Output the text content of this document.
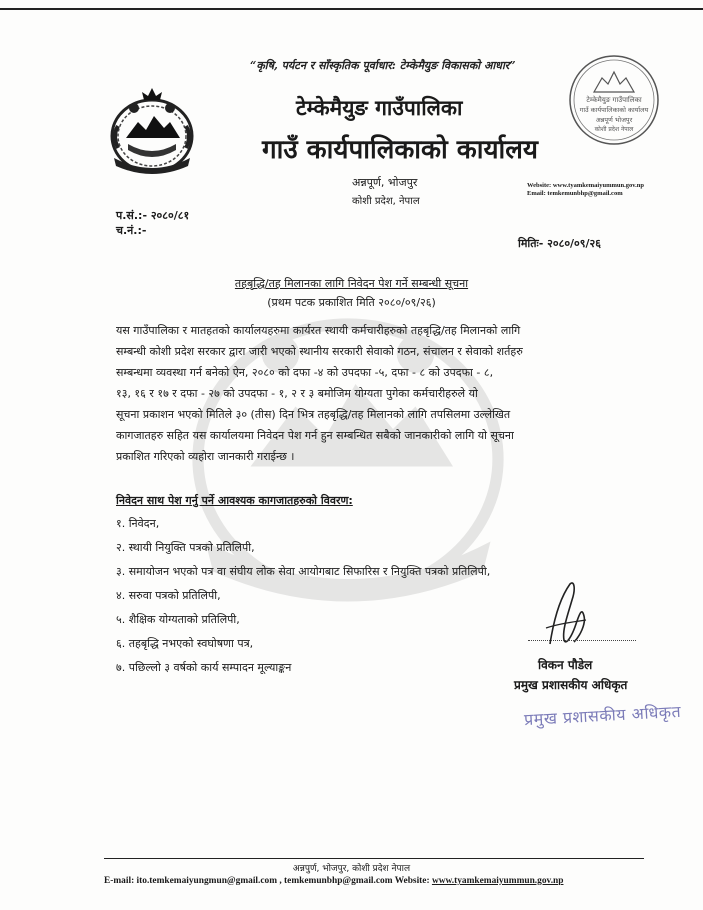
“कृषि, पर्यटन र साँस्कृतिक पूर्वाधार: टेम्केमैयुङ विकासको आधार”
टेम्केमैयुङ गाउँपालिका
गाउँ कार्यपालिकाको कार्यालय
अन्नपूर्ण, भोजपुर
कोशी प्रदेश, नेपाल
Website: www.tyamkemaiyummun.gov.np
Email: temkemunbhp@gmail.com
टेम्केमैयुङ गाउँपालिका
गाउँ कार्यपालिकाको कार्यालय
अन्नपूर्ण भोजपुर
कोशी प्रदेश नेपाल
प.सं.:- २०८०/८१
च.नं.:-
मितिः- २०८०/०९/२६
तहबृद्धि/तह मिलानका लागि निवेदन पेश गर्ने सम्बन्धी सूचना
(प्रथम पटक प्रकाशित मिति २०८०/०९/२६)
यस गाउँपालिका र मातहतको कार्यालयहरुमा कार्यरत स्थायी कर्मचारीहरुको तहबृद्धि/तह मिलानको लागि
सम्बन्धी कोशी प्रदेश सरकार द्वारा जारी भएको स्थानीय सरकारी सेवाको गठन, संचालन र सेवाको शर्तहरु
सम्बन्धमा व्यवस्था गर्न बनेको ऐन, २०८० को दफा -४ को उपदफा -५, दफा - ८ को उपदफा - ८,
१३, १६ र १७ र दफा - २७ को उपदफा - १, २ र ३ बमोजिम योग्यता पुगेका कर्मचारीहरुले यो
सूचना प्रकाशन भएको मितिले ३० (तीस) दिन भित्र तहबृद्धि/तह मिलानको लागि तपसिलमा उल्लेखित
कागजातहरु सहित यस कार्यालयमा निवेदन पेश गर्न हुन सम्बन्धित सबैको जानकारीको लागि यो सूचना
प्रकाशित गरिएको व्यहोरा जानकारी गराईन्छ ।
निवेदन साथ पेश गर्नु पर्ने आवश्यक कागजातहरुको विवरण:
१. निवेदन,
२. स्थायी नियुक्ति पत्रको प्रतिलिपी,
३. समायोजन भएको पत्र वा संघीय लोक सेवा आयोगबाट सिफारिस र नियुक्ति पत्रको प्रतिलिपी,
४. सरुवा पत्रको प्रतिलिपी,
५. शैक्षिक योग्यताको प्रतिलिपी,
६. तहबृद्धि नभएको स्वघोषणा पत्र,
७. पछिल्लो ३ वर्षको कार्य सम्पादन मूल्याङ्कन	विकन पौडेल
प्रमुख प्रशासकीय अधिकृत
प्रमुख प्रशासकीय अधिकृत
अन्नपुर्ण, भोजपुर, कोशी प्रदेश नेपाल
E-mail: ito.temkemaiyungmun@gmail.com , temkemunbhp@gmail.com Website: www.tyamkemaiyummun.gov.np
